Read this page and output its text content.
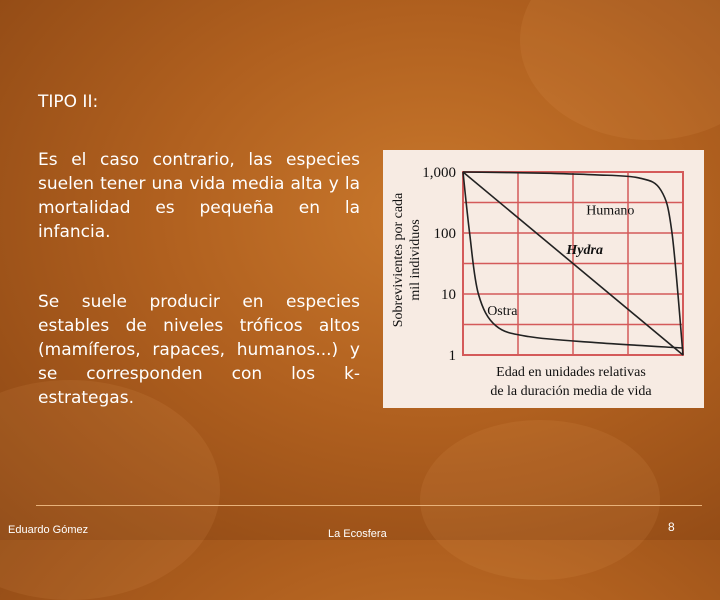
TIPO II:

Es el caso contrario, las especies suelen tener una vida media alta y la mortalidad es pequeña en la infancia.

Se suele producir en especies estables de niveles tróficos altos (mamíferos, rapaces, humanos...) y se corresponden con los k-estrategas.

1,000
100
10
1
Humano
Hydra
Ostra
Sobrevivientes por cada mil individuos
Edad en unidades relativas
de la duración media de vida
Eduardo Gómez	La Ecosfera	8
